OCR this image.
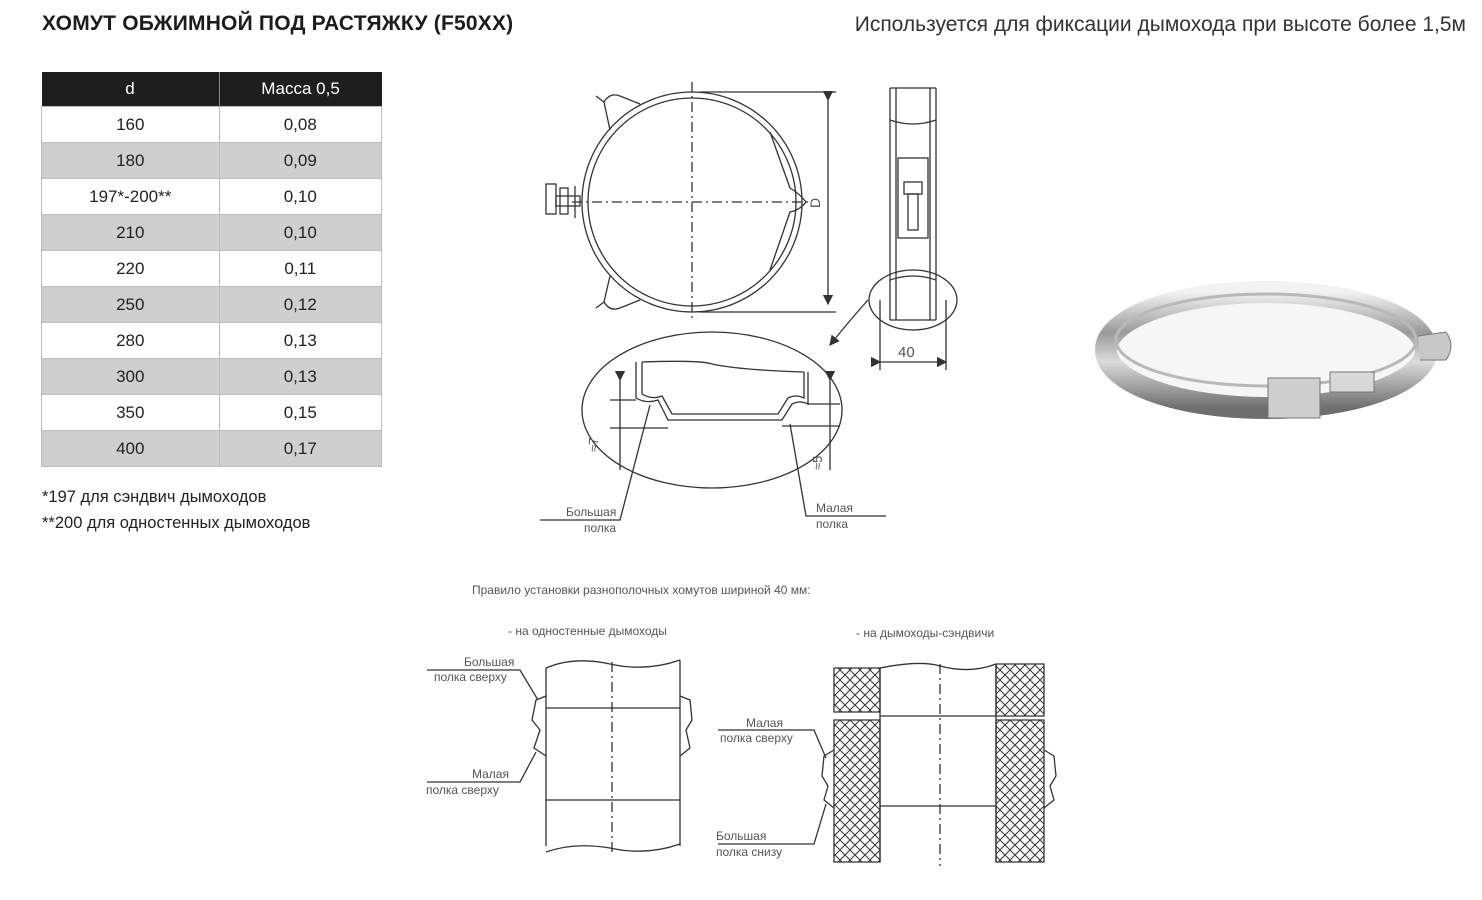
ХОМУТ ОБЖИМНОЙ ПОД РАСТЯЖКУ (F50XX)	Используется для фиксации дымохода при высоте более 1,5м
d	Масса 0,5
160	0,08
180	0,09
197*-200**	0,10
210	0,10
220	0,11
250	0,12
280	0,13
300	0,13
350	0,15
400	0,17
*197 для сэндвич дымоходов
**200 для одностенных дымоходов
D
40
≈7
≈5
Большая
полка
Малая
полка
Правило установки разнополочных хомутов шириной 40 мм:
- на одностенные дымоходы	- на дымоходы-сэндвичи
Большая
полка сверху
Малая
полка сверху
Малая
полка сверху
Большая
полка снизу
